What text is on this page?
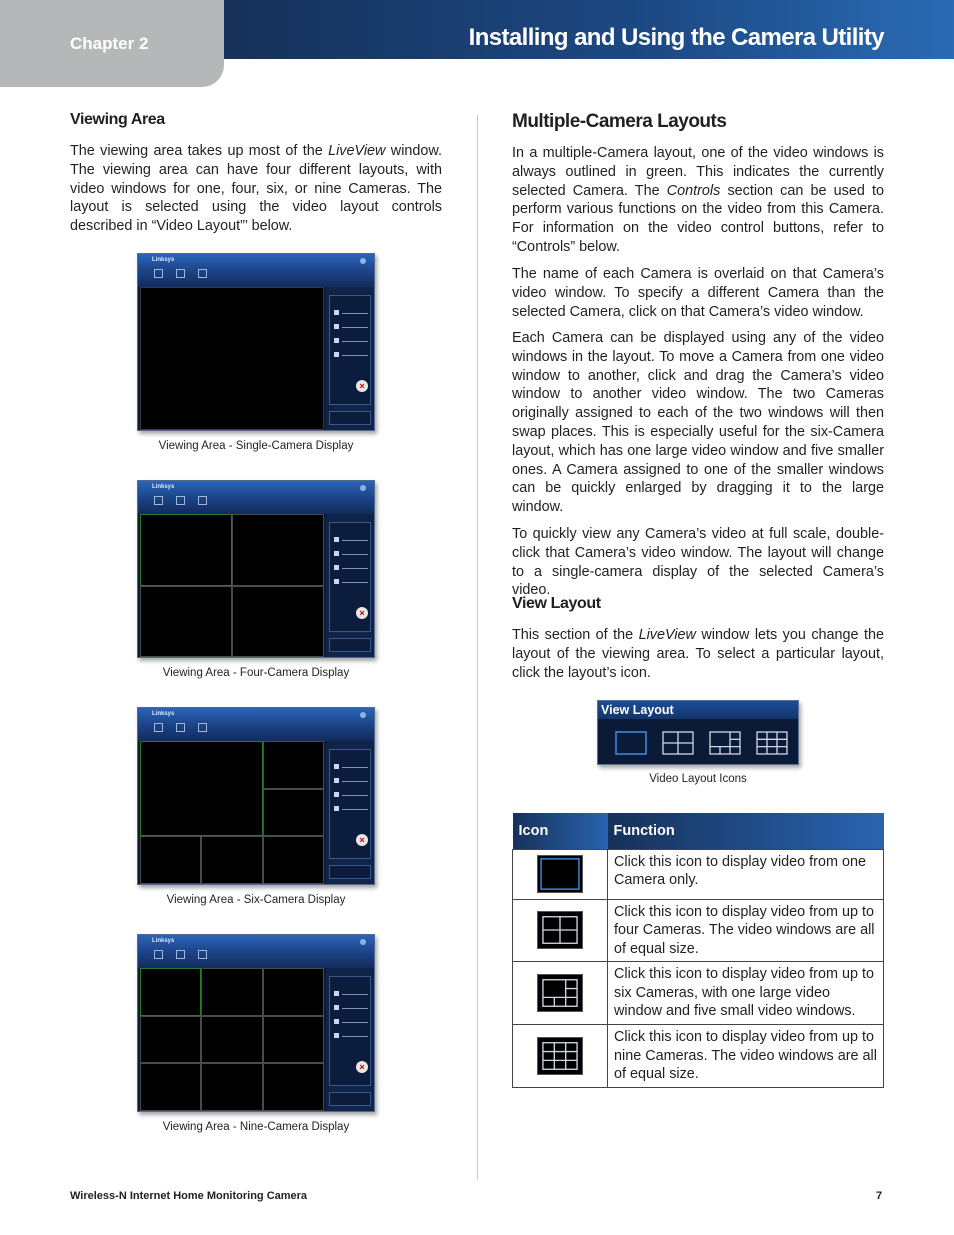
Chapter 2	Installing and Using the Camera Utility
Viewing Area

The viewing area takes up most of the LiveView window. The viewing area can have four different layouts, with video windows for one, four, six, or nine Cameras. The layout is selected using the video layout controls described in “Video Layout”’ below.

Linksys
×
Viewing Area - Single-Camera Display
Linksys
×
Viewing Area - Four-Camera Display
Linksys
×
Viewing Area - Six-Camera Display
Linksys
×
Viewing Area - Nine-Camera Display
Multiple-Camera Layouts

In a multiple-Camera layout, one of the video windows is always outlined in green. This indicates the currently selected Camera. The Controls section can be used to perform various functions on the video from this Camera. For information on the video control buttons, refer to “Controls” below.

The name of each Camera is overlaid on that Camera’s video window. To specify a different Camera than the selected Camera, click on that Camera’s video window.

Each Camera can be displayed using any of the video windows in the layout. To move a Camera from one video window to another, click and drag the Camera’s video window to another video window. The two Cameras originally assigned to each of the two windows will then swap places. This is especially useful for the six-Camera layout, which has one large video window and five smaller ones. A Camera assigned to one of the smaller windows can be quickly enlarged by dragging it to the large window.

To quickly view any Camera’s video at full scale, double-click that Camera’s video window. The layout will change to a single-camera display of the selected Camera’s video.

View Layout

This section of the LiveView window lets you change the layout of the viewing area. To select a particular layout, click the layout’s icon.

View Layout
Video Layout Icons
Icon	Function
	Click this icon to display video from one Camera only.
	Click this icon to display video from up to four Cameras. The video windows are all of equal size.
	Click this icon to display video from up to six Cameras, with one large video window and five small video windows.
	Click this icon to display video from up to nine Cameras. The video windows are all of equal size.
Wireless-N Internet Home Monitoring Camera	7
